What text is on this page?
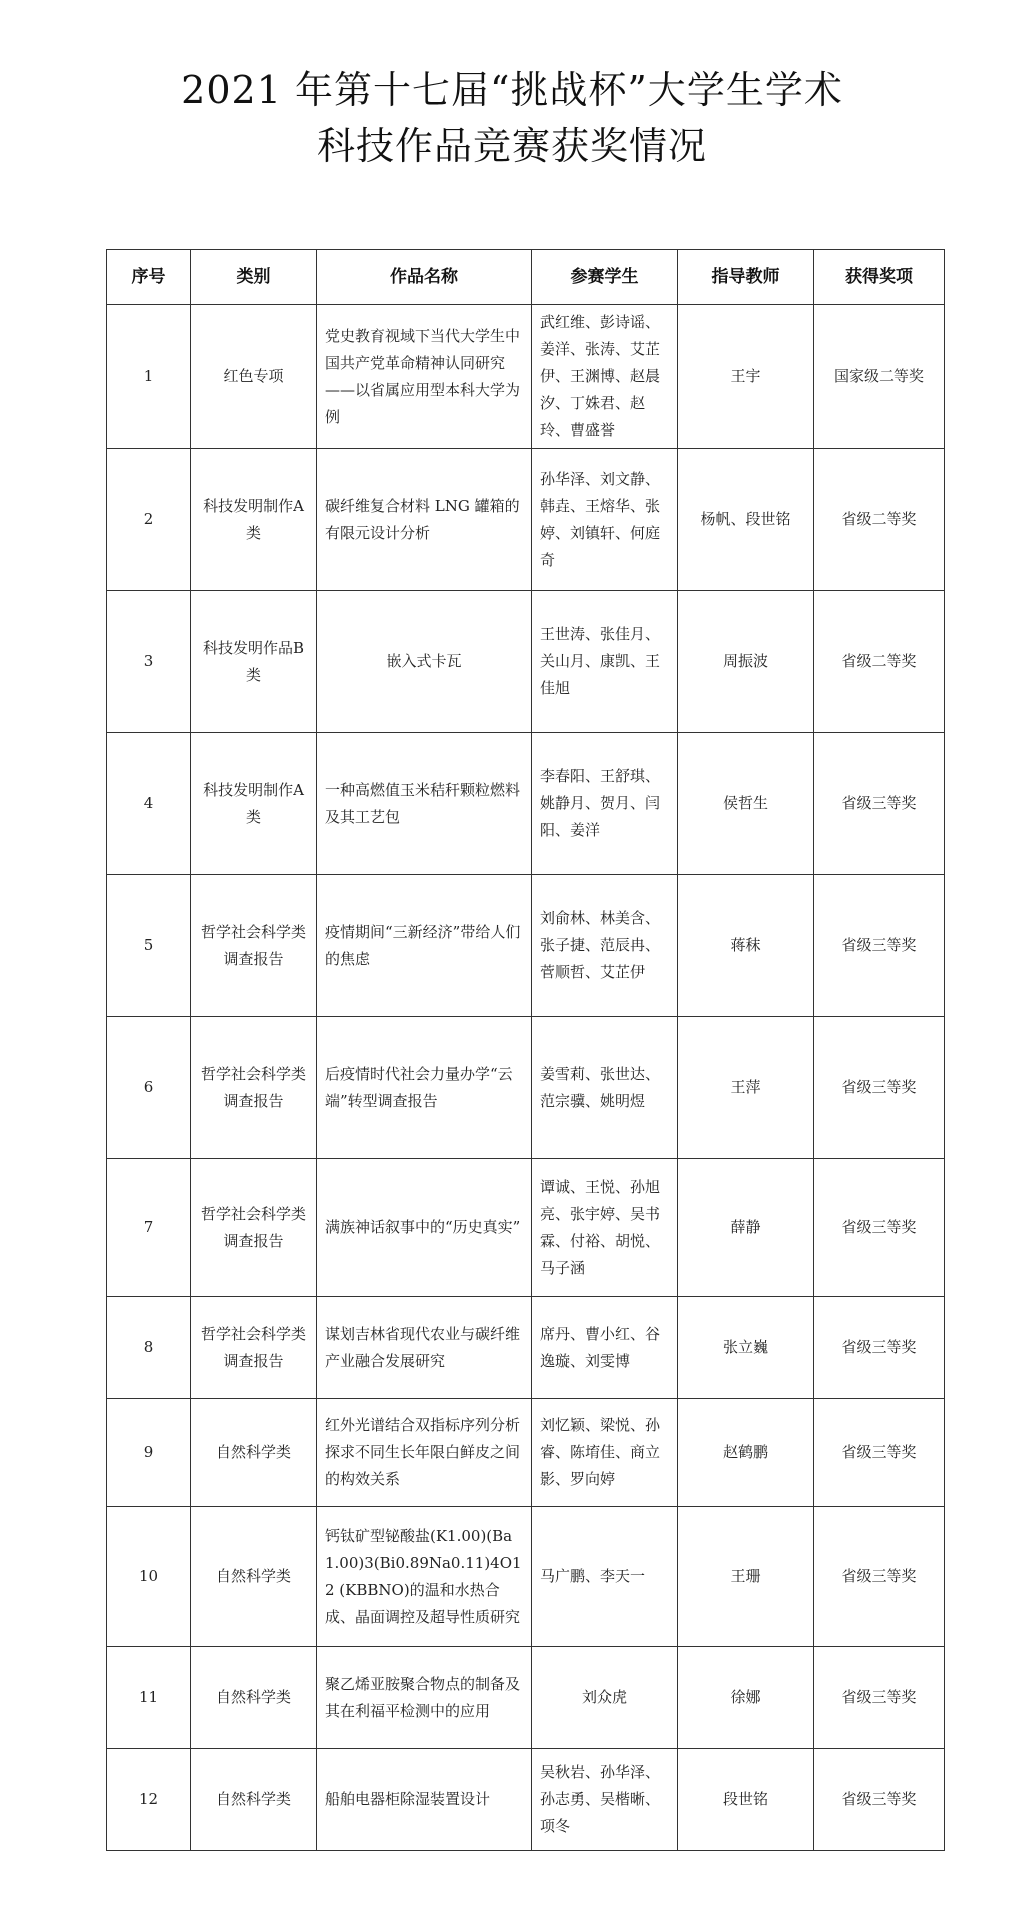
2021 年第十七届“挑战杯”大学生学术
科技作品竞赛获奖情况
序号	类别	作品名称	参赛学生	指导教师	获得奖项
1	红色专项	党史教育视域下当代大学生中国共产党革命精神认同研究——以省属应用型本科大学为例	武红维、彭诗谣、姜洋、张涛、艾芷伊、王渊博、赵晨汐、丁姝君、赵玲、曹盛誉	王宇	国家级二等奖
2	科技发明制作A类	碳纤维复合材料 LNG 罐箱的有限元设计分析	孙华泽、刘文静、韩垚、王熔华、张婷、刘镇轩、何庭奇	杨帆、段世铭	省级二等奖
3	科技发明作品B类	嵌入式卡瓦	王世涛、张佳月、关山月、康凯、王佳旭	周振波	省级二等奖
4	科技发明制作A类	一种高燃值玉米秸秆颗粒燃料及其工艺包	李春阳、王舒琪、姚静月、贺月、闫阳、姜洋	侯哲生	省级三等奖
5	哲学社会科学类调查报告	疫情期间“三新经济”带给人们的焦虑	刘俞林、林美含、张子捷、范辰冉、菅顺哲、艾芷伊	蒋秣	省级三等奖
6	哲学社会科学类调查报告	后疫情时代社会力量办学“云端”转型调查报告	姜雪莉、张世达、范宗骥、姚明煜	王萍	省级三等奖
7	哲学社会科学类调查报告	满族神话叙事中的“历史真实”	谭诚、王悦、孙旭亮、张宇婷、吴书霖、付裕、胡悦、马子涵	薛静	省级三等奖
8	哲学社会科学类调查报告	谋划吉林省现代农业与碳纤维产业融合发展研究	席丹、曹小红、谷逸璇、刘雯博	张立巍	省级三等奖
9	自然科学类	红外光谱结合双指标序列分析探求不同生长年限白鲜皮之间的构效关系	刘忆颖、梁悦、孙睿、陈堉佳、商立影、罗向婷	赵鹤鹏	省级三等奖
10	自然科学类	钙钛矿型铋酸盐(K1.00)(Ba1.00)3(Bi0.89Na0.11)4O12 (KBBNO)的温和水热合成、晶面调控及超导性质研究	马广鹏、李天一	王珊	省级三等奖
11	自然科学类	聚乙烯亚胺聚合物点的制备及其在利福平检测中的应用	刘众虎	徐娜	省级三等奖
12	自然科学类	船舶电器柜除湿装置设计	吴秋岩、孙华泽、孙志勇、吴楷晰、项冬	段世铭	省级三等奖
